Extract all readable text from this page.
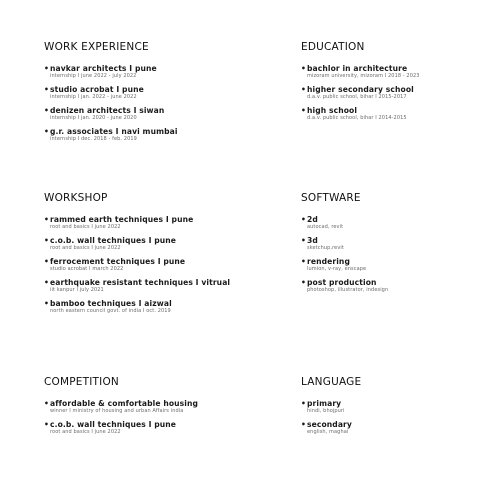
WORK EXPERIENCE
•navkar architects I pune
internship I june 2022 - july 2022
•studio acrobat I pune
internship I jan. 2022 - june 2022
•denizen architects I siwan
internship I jan. 2020 - june 2020
•g.r. associates I navi mumbai
internship I dec. 2018 - feb. 2019
EDUCATION
•bachlor in architecture
mizoram university, mizoram I 2018 - 2023
•higher secondary school
d.a.v. public school, bihar I 2015-2017
•high school
d.a.v. public school, bihar I 2014-2015
WORKSHOP
•rammed earth techniques I pune
root and basics I june 2022
•c.o.b. wall techniques I pune
root and basics I june 2022
•ferrocement techniques I pune
studio acrobat I march 2022
•earthquake resistant techniques I vitrual
iit kanpur I july 2021
•bamboo techniques I aizwal
north eastern council govt. of india I oct. 2019
SOFTWARE
•2d
autocad, revit
•3d
sketchup,revit
•rendering
lumion, v-ray, enscape
•post production
photoshop, illustrator, indesign
COMPETITION
•affordable & comfortable housing
winner I ministry of housing and urban Affairs india
•c.o.b. wall techniques I pune
root and basics I june 2022
LANGUAGE
•primary
hindi, bhojpuri
•secondary
english, maghai
